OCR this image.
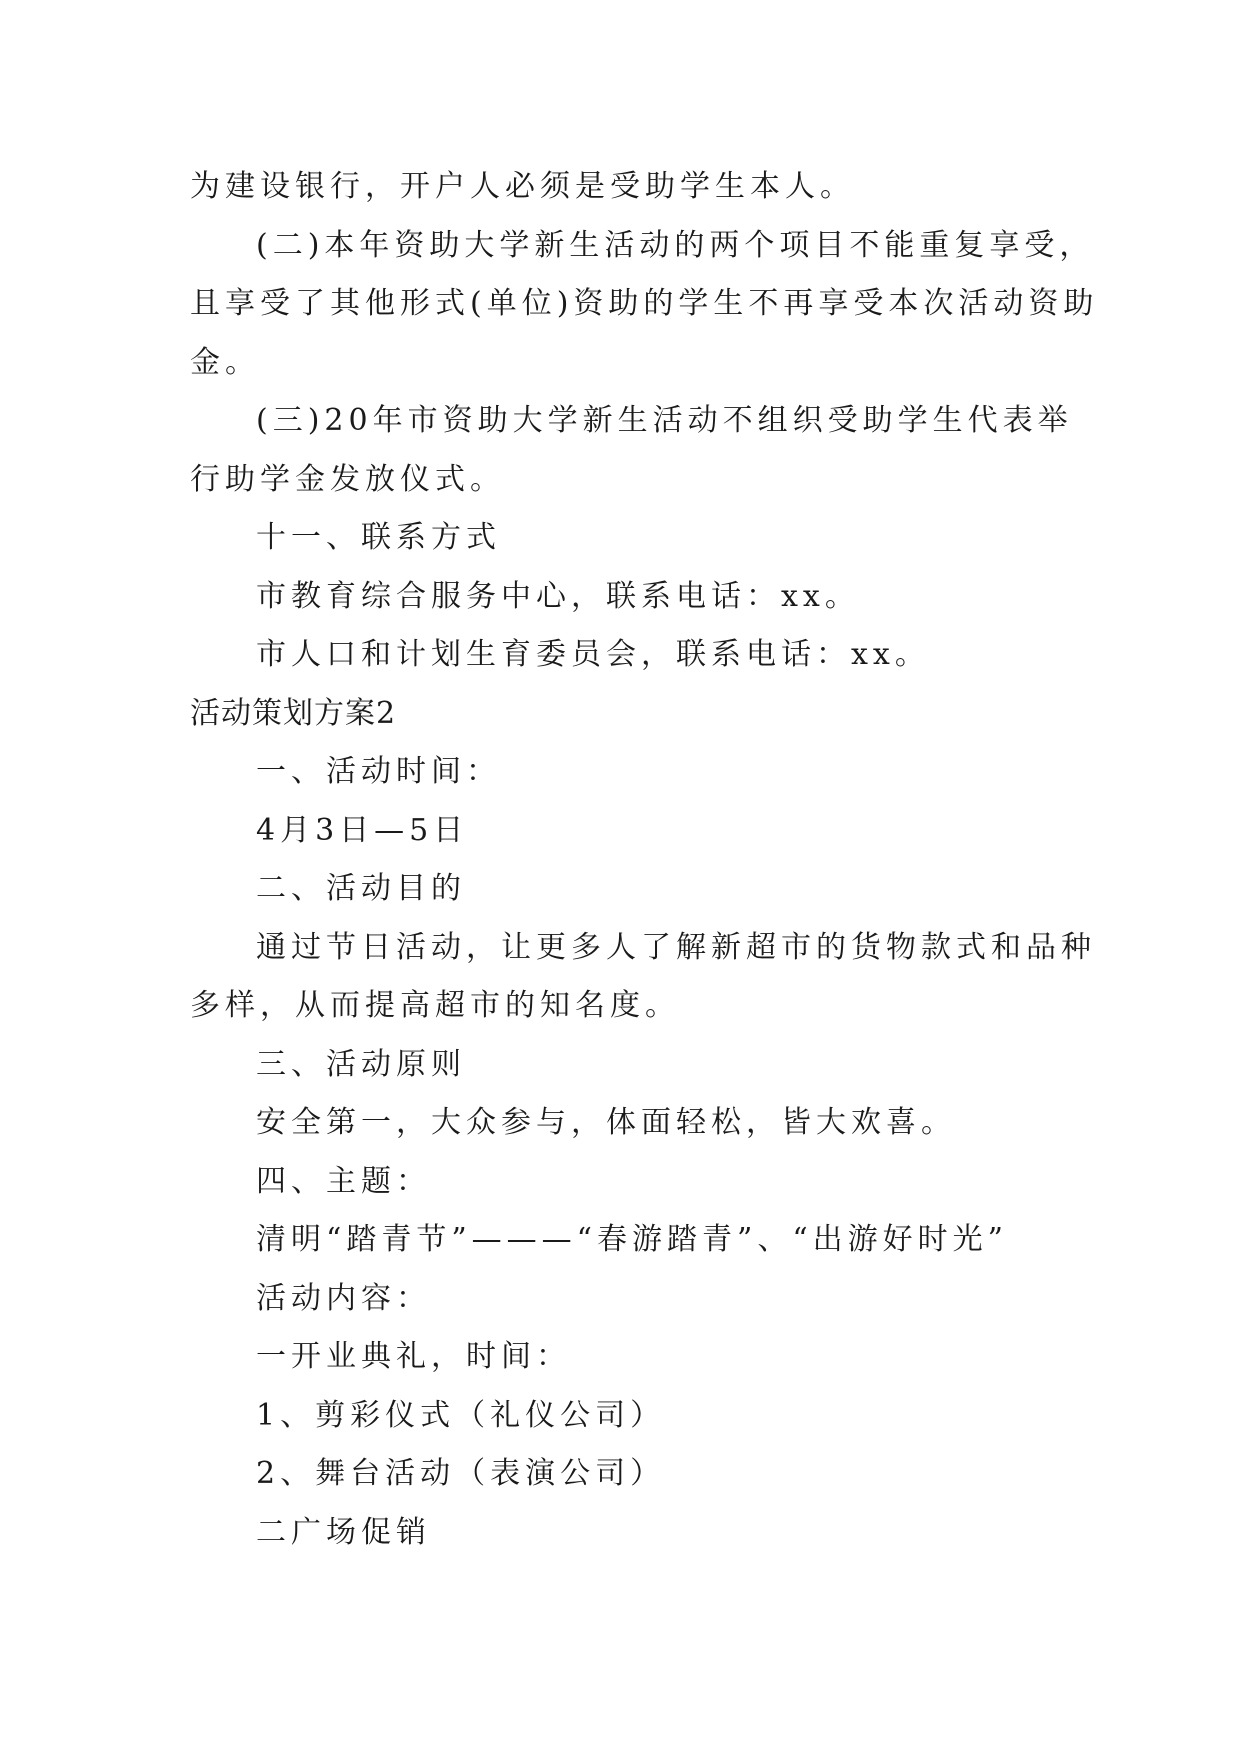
为建设银行，开户人必须是受助学生本人。
(二)本年资助大学新生活动的两个项目不能重复享受，
且享受了其他形式(单位)资助的学生不再享受本次活动资助
金。
(三)20年市资助大学新生活动不组织受助学生代表举
行助学金发放仪式。
十一、联系方式
市教育综合服务中心，联系电话：xx。
市人口和计划生育委员会，联系电话：xx。
活动策划方案2
一、活动时间：
4月3日—5日
二、活动目的
通过节日活动，让更多人了解新超市的货物款式和品种
多样，从而提高超市的知名度。
三、活动原则
安全第一，大众参与，体面轻松，皆大欢喜。
四、主题：
清明“踏青节”———“春游踏青”、“出游好时光”
活动内容：
一开业典礼，时间：
1、剪彩仪式（礼仪公司）
2、舞台活动（表演公司）
二广场促销
